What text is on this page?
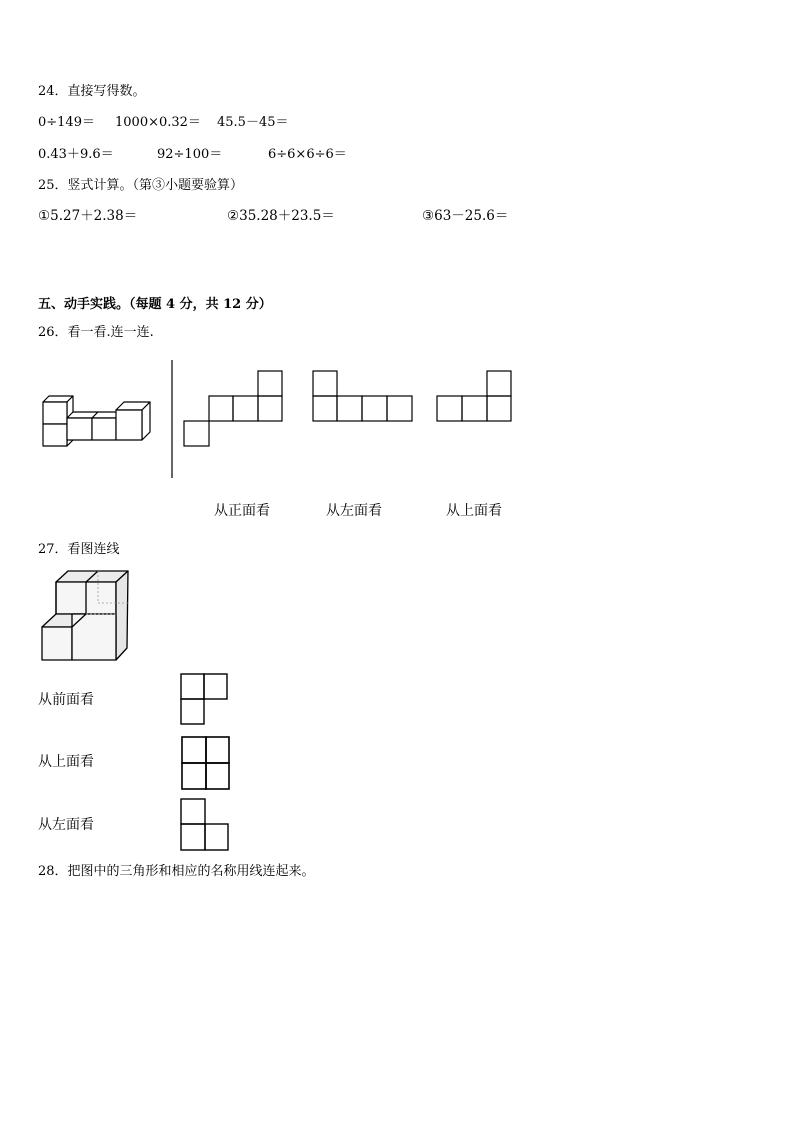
24．直接写得数。
0÷149＝ 1000×0.32＝ 45.5－45＝
0.43＋9.6＝	92÷100＝	6÷6×6÷6＝
25．竖式计算。（第③小题要验算）
①5.27＋2.38＝	②35.28＋23.5＝	③63－25.6＝
五、动手实践。（每题 4 分，共 12 分）
26．看一看.连一连.
从正面看	从左面看	从上面看
27．看图连线
从前面看
从上面看
从左面看
28．把图中的三角形和相应的名称用线连起来。
